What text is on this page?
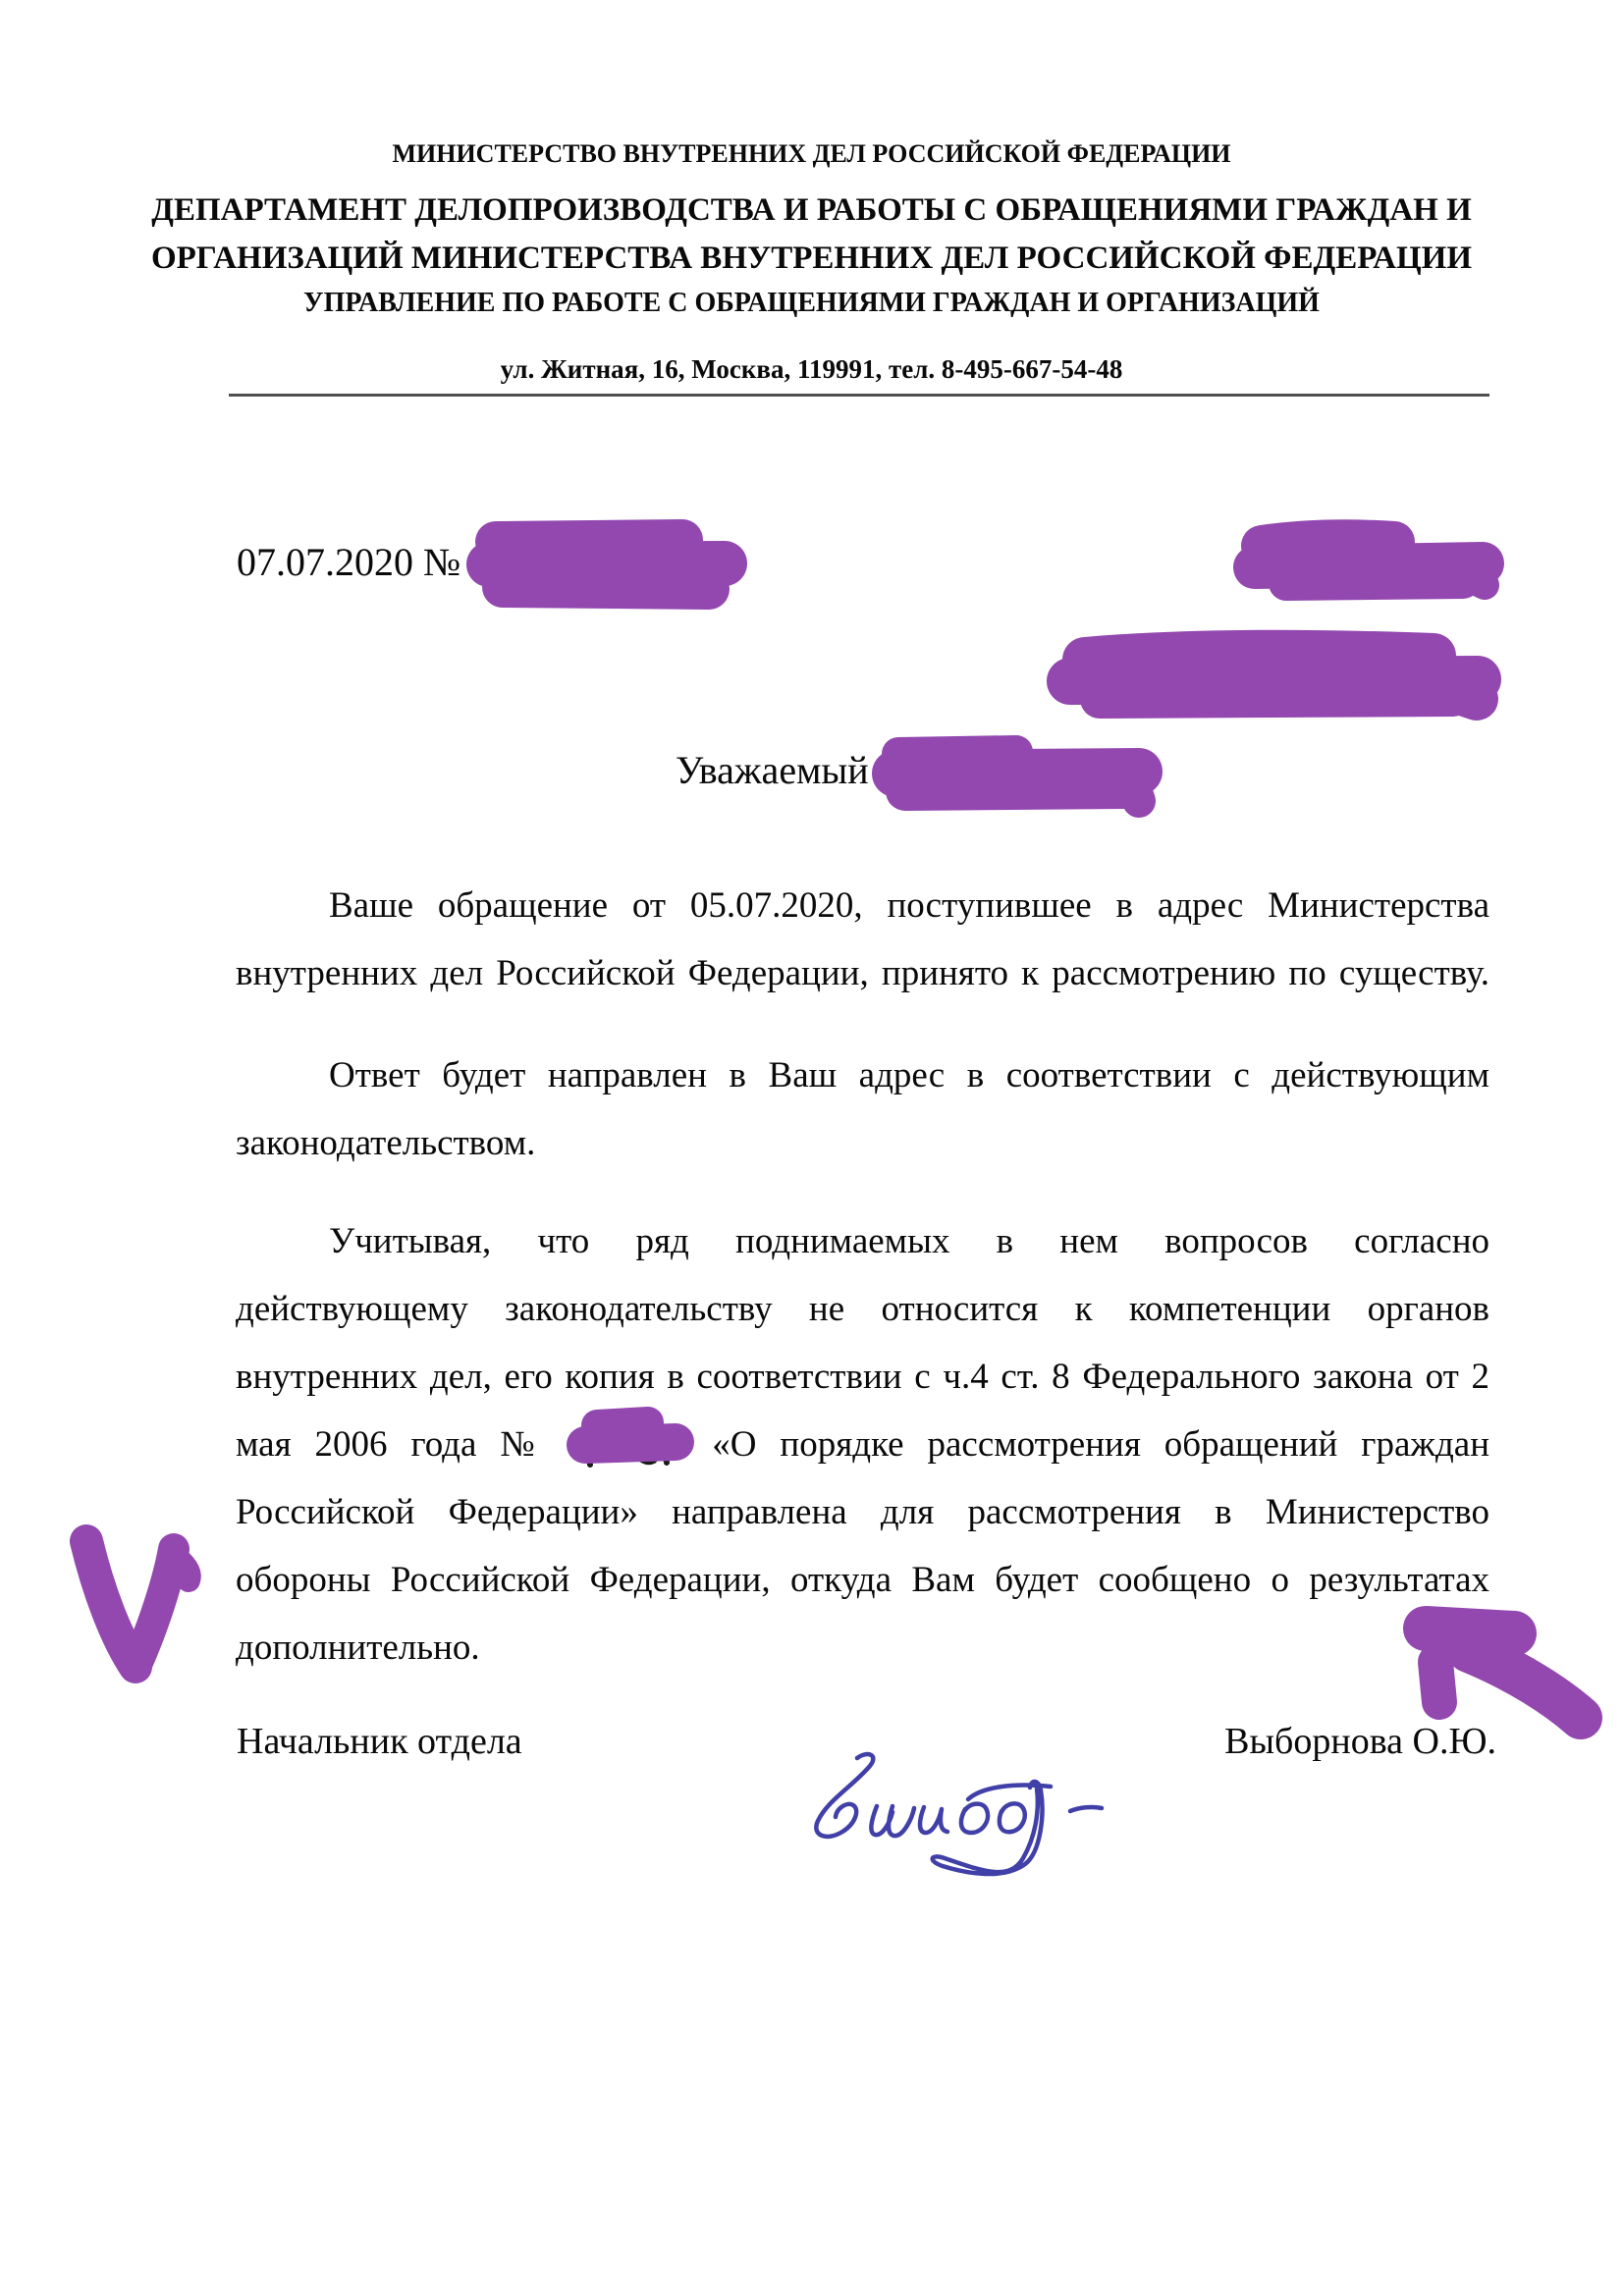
МИНИСТЕРСТВО ВНУТРЕННИХ ДЕЛ РОССИЙСКОЙ ФЕДЕРАЦИИ
ДЕПАРТАМЕНТ ДЕЛОПРОИЗВОДСТВА И РАБОТЫ С ОБРАЩЕНИЯМИ ГРАЖДАН И
ОРГАНИЗАЦИЙ МИНИСТЕРСТВА ВНУТРЕННИХ ДЕЛ РОССИЙСКОЙ ФЕДЕРАЦИИ
УПРАВЛЕНИЕ ПО РАБОТЕ С ОБРАЩЕНИЯМИ ГРАЖДАН И ОРГАНИЗАЦИЙ
ул. Житная, 16, Москва, 119991, тел. 8-495-667-54-48
07.07.2020 №
Уважаемый
Ваше обращение от 05.07.2020, поступившее в адрес Министерства
внутренних дел Российской Федерации, принято к рассмотрению по существу.
Ответ будет направлен в Ваш адрес в соответствии с действующим
законодательством.
Учитывая, что ряд поднимаемых в нем вопросов согласно
действующему законодательству не относится к компетенции органов
внутренних дел, его копия в соответствии с ч.4 ст. 8 Федерального закона от 2
мая 2006 года №	«О порядке рассмотрения обращений граждан
Российской Федерации» направлена для рассмотрения в Министерство
обороны Российской Федерации, откуда Вам будет сообщено о результатах
дополнительно.
Начальник отдела	Выборнова О.Ю.
